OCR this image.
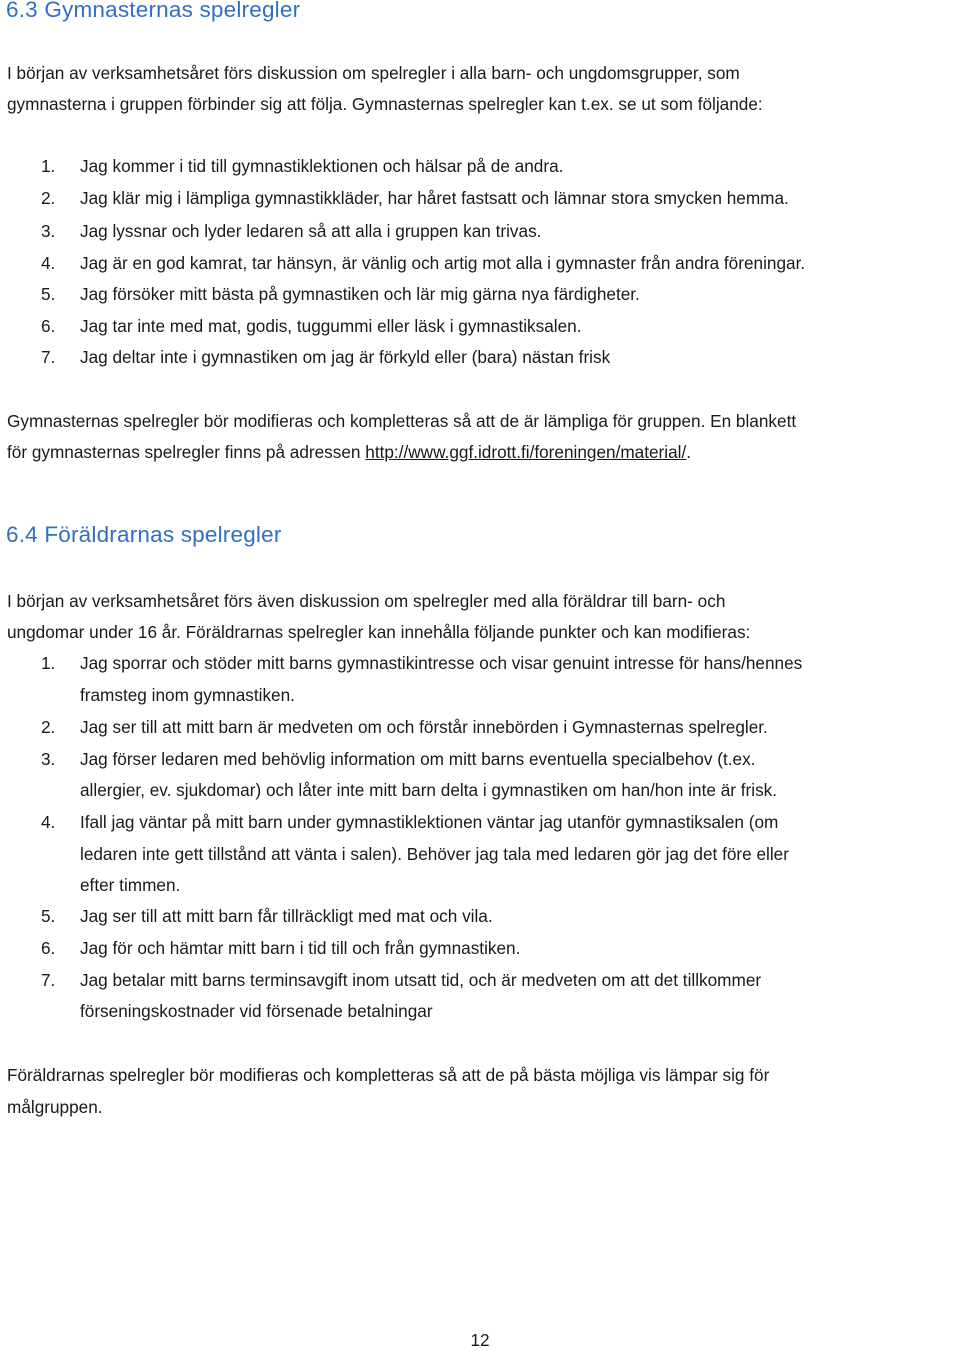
6.3 Gymnasternas spelregler

I början av verksamhetsåret förs diskussion om spelregler i alla barn- och ungdomsgrupper, som

gymnasterna i gruppen förbinder sig att följa. Gymnasternas spelregler kan t.ex. se ut som följande:

1. Jag kommer i tid till gymnastiklektionen och hälsar på de andra.
2. Jag klär mig i lämpliga gymnastikkläder, har håret fastsatt och lämnar stora smycken hemma.
3. Jag lyssnar och lyder ledaren så att alla i gruppen kan trivas.
4. Jag är en god kamrat, tar hänsyn, är vänlig och artig mot alla i gymnaster från andra föreningar.
5. Jag försöker mitt bästa på gymnastiken och lär mig gärna nya färdigheter.
6. Jag tar inte med mat, godis, tuggummi eller läsk i gymnastiksalen.
7. Jag deltar inte i gymnastiken om jag är förkyld eller (bara) nästan frisk

Gymnasternas spelregler bör modifieras och kompletteras så att de är lämpliga för gruppen. En blankett

för gymnasternas spelregler finns på adressen http://www.ggf.idrott.fi/foreningen/material/.

6.4 Föräldrarnas spelregler

I början av verksamhetsåret förs även diskussion om spelregler med alla föräldrar till barn- och

ungdomar under 16 år. Föräldrarnas spelregler kan innehålla följande punkter och kan modifieras:

1. Jag sporrar och stöder mitt barns gymnastikintresse och visar genuint intresse för hans/hennes
framsteg inom gymnastiken.
2. Jag ser till att mitt barn är medveten om och förstår innebörden i Gymnasternas spelregler.
3. Jag förser ledaren med behövlig information om mitt barns eventuella specialbehov (t.ex.
allergier, ev. sjukdomar) och låter inte mitt barn delta i gymnastiken om han/hon inte är frisk.
4. Ifall jag väntar på mitt barn under gymnastiklektionen väntar jag utanför gymnastiksalen (om
ledaren inte gett tillstånd att vänta i salen). Behöver jag tala med ledaren gör jag det före eller
efter timmen.
5. Jag ser till att mitt barn får tillräckligt med mat och vila.
6. Jag för och hämtar mitt barn i tid till och från gymnastiken.
7. Jag betalar mitt barns terminsavgift inom utsatt tid, och är medveten om att det tillkommer
förseningskostnader vid försenade betalningar

Föräldrarnas spelregler bör modifieras och kompletteras så att de på bästa möjliga vis lämpar sig för

målgruppen.

12
